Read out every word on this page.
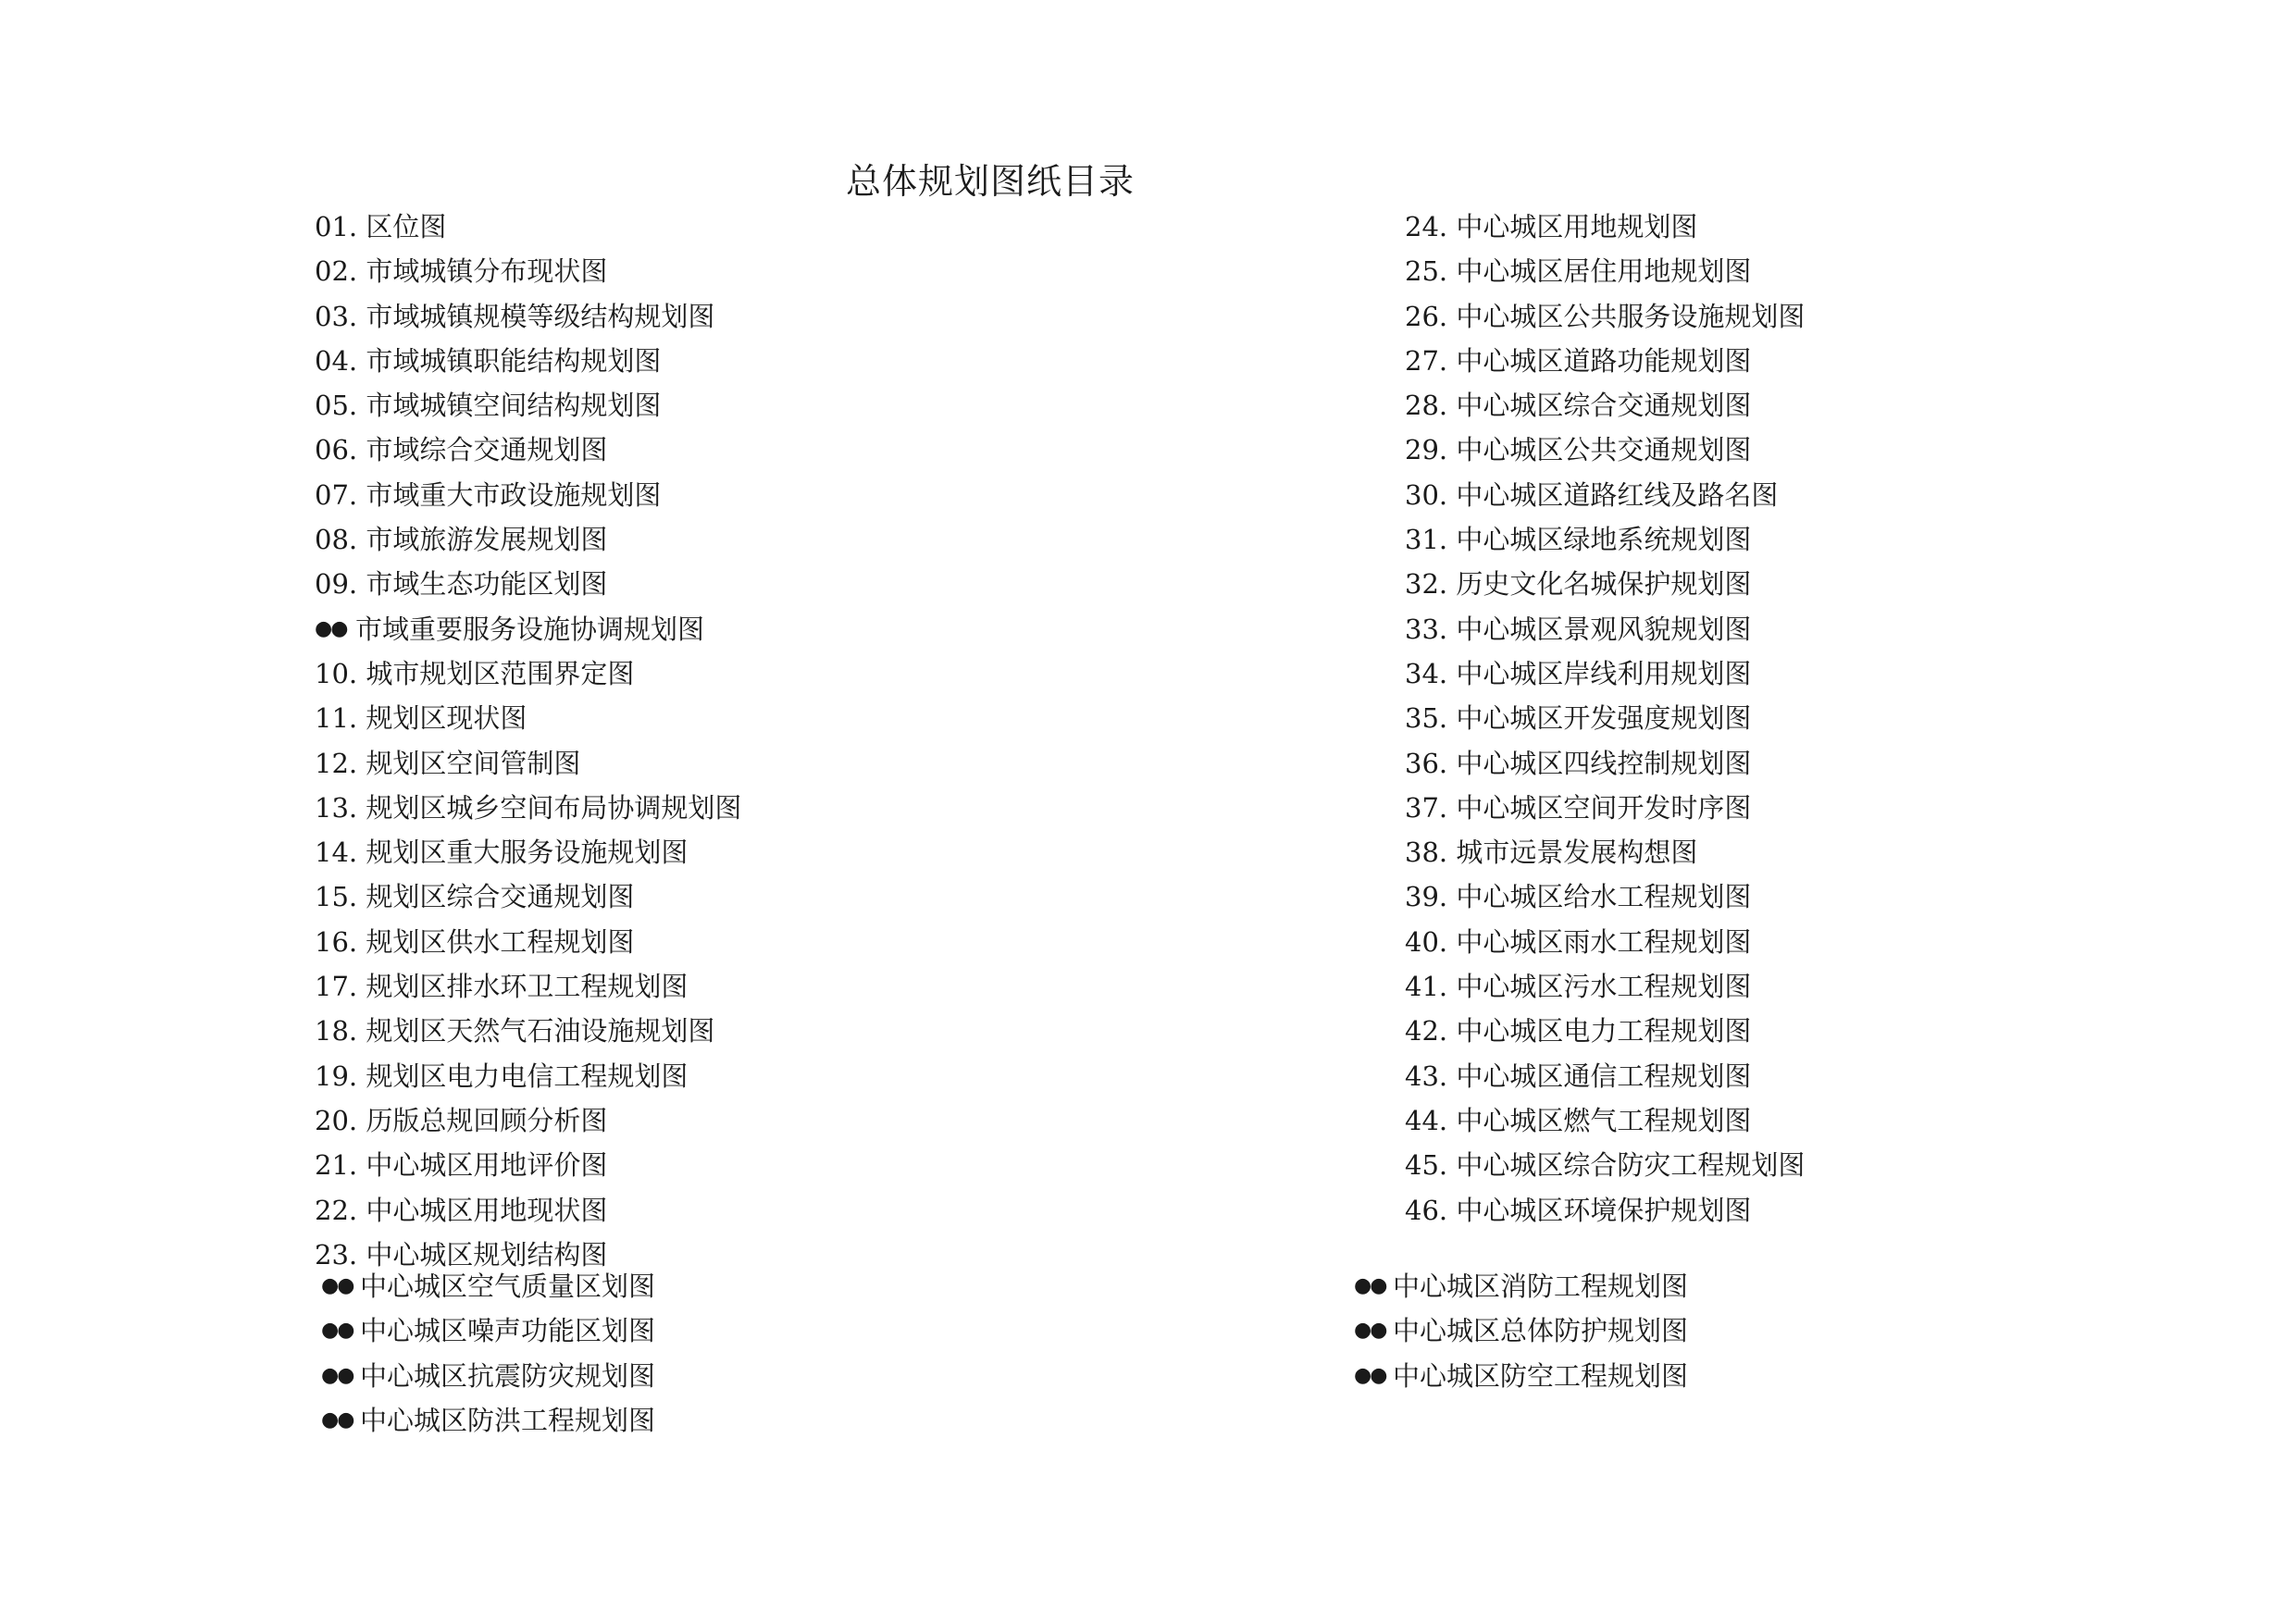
总体规划图纸目录
01. 区位图
02. 市域城镇分布现状图
03. 市域城镇规模等级结构规划图
04. 市域城镇职能结构规划图
05. 市域城镇空间结构规划图
06. 市域综合交通规划图
07. 市域重大市政设施规划图
08. 市域旅游发展规划图
09. 市域生态功能区划图
●● 市域重要服务设施协调规划图
10. 城市规划区范围界定图
11. 规划区现状图
12. 规划区空间管制图
13. 规划区城乡空间布局协调规划图
14. 规划区重大服务设施规划图
15. 规划区综合交通规划图
16. 规划区供水工程规划图
17. 规划区排水环卫工程规划图
18. 规划区天然气石油设施规划图
19. 规划区电力电信工程规划图
20. 历版总规回顾分析图
21. 中心城区用地评价图
22. 中心城区用地现状图
23. 中心城区规划结构图
24. 中心城区用地规划图
25. 中心城区居住用地规划图
26. 中心城区公共服务设施规划图
27. 中心城区道路功能规划图
28. 中心城区综合交通规划图
29. 中心城区公共交通规划图
30. 中心城区道路红线及路名图
31. 中心城区绿地系统规划图
32. 历史文化名城保护规划图
33. 中心城区景观风貌规划图
34. 中心城区岸线利用规划图
35. 中心城区开发强度规划图
36. 中心城区四线控制规划图
37. 中心城区空间开发时序图
38. 城市远景发展构想图
39. 中心城区给水工程规划图
40. 中心城区雨水工程规划图
41. 中心城区污水工程规划图
42. 中心城区电力工程规划图
43. 中心城区通信工程规划图
44. 中心城区燃气工程规划图
45. 中心城区综合防灾工程规划图
46. 中心城区环境保护规划图
●● 中心城区空气质量区划图
●● 中心城区噪声功能区划图
●● 中心城区抗震防灾规划图
●● 中心城区防洪工程规划图
●● 中心城区消防工程规划图
●● 中心城区总体防护规划图
●● 中心城区防空工程规划图
